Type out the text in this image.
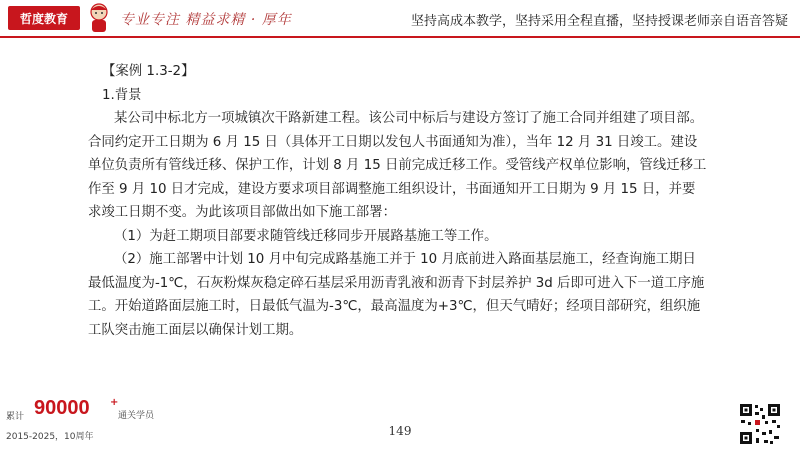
哲度教育	专业专注 精益求精 · 厚年	坚持高成本教学，坚持采用全程直播，坚持授课老师亲自语音答疑

【案例 1.3-2】

1.背景

某公司中标北方一项城镇次干路新建工程。该公司中标后与建设方签订了施工合同并组建了项目部。合同约定开工日期为 6 月 15 日（具体开工日期以发包人书面通知为准），当年 12 月 31 日竣工。建设单位负责所有管线迁移、保护工作，计划 8 月 15 日前完成迁移工作。受管线产权单位影响，管线迁移工作至 9 月 10 日才完成，建设方要求项目部调整施工组织设计，书面通知开工日期为 9 月 15 日，并要求竣工日期不变。为此该项目部做出如下施工部署：

（1）为赶工期项目部要求随管线迁移同步开展路基施工等工作。

（2）施工部署中计划 10 月中旬完成路基施工并于 10 月底前进入路面基层施工，经查询施工期日最低温度为-1℃，石灰粉煤灰稳定碎石基层采用沥青乳液和沥青下封层养护 3d 后即可进入下一道工序施工。开始道路面层施工时，日最低气温为-3℃，最高温度为+3℃，但天气晴好；经项目部研究，组织施工队突击施工面层以确保计划工期。

累计 90000 +
通关学员
2015-2025，10周年	149
